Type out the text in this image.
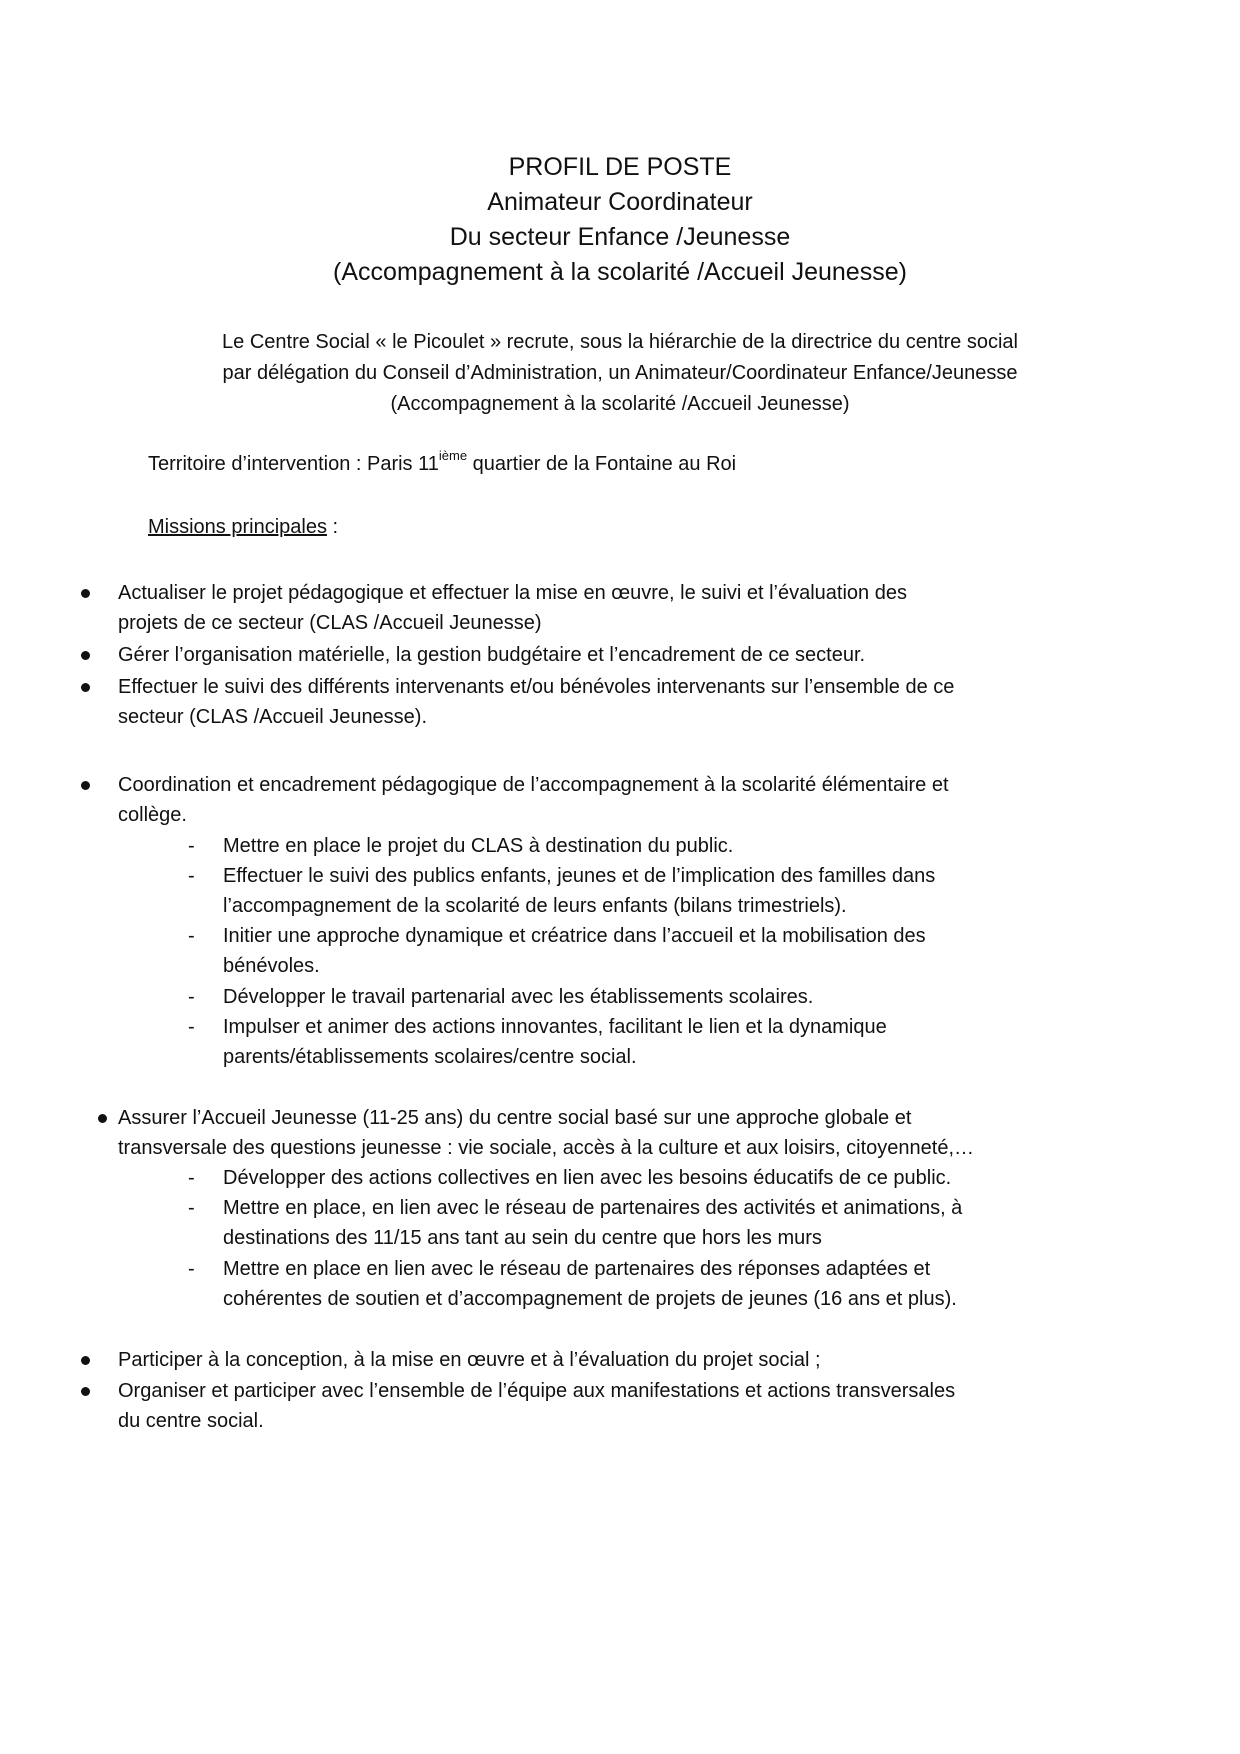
PROFIL DE POSTE
Animateur Coordinateur
Du secteur Enfance /Jeunesse
(Accompagnement à la scolarité /Accueil Jeunesse)
Le Centre Social « le Picoulet » recrute, sous la hiérarchie de la directrice du centre social
par délégation du Conseil d’Administration, un Animateur/Coordinateur Enfance/Jeunesse
(Accompagnement à la scolarité /Accueil Jeunesse)
Territoire d’intervention : Paris 11ième quartier de la Fontaine au Roi
Missions principales :
Actualiser le projet pédagogique et effectuer la mise en œuvre, le suivi et l’évaluation des
projets de ce secteur (CLAS /Accueil Jeunesse)
Gérer l’organisation matérielle, la gestion budgétaire et l’encadrement de ce secteur.
Effectuer le suivi des différents intervenants et/ou bénévoles intervenants sur l’ensemble de ce
secteur (CLAS /Accueil Jeunesse).
Coordination et encadrement pédagogique de l’accompagnement à la scolarité élémentaire et
collège.
- Mettre en place le projet du CLAS à destination du public.
- Effectuer le suivi des publics enfants, jeunes et de l’implication des familles dans
l’accompagnement de la scolarité de leurs enfants (bilans trimestriels).
- Initier une approche dynamique et créatrice dans l’accueil et la mobilisation des
bénévoles.
- Développer le travail partenarial avec les établissements scolaires.
- Impulser et animer des actions innovantes, facilitant le lien et la dynamique
parents/établissements scolaires/centre social.
Assurer l’Accueil Jeunesse (11-25 ans) du centre social basé sur une approche globale et
transversale des questions jeunesse : vie sociale, accès à la culture et aux loisirs, citoyenneté,…
- Développer des actions collectives en lien avec les besoins éducatifs de ce public.
- Mettre en place, en lien avec le réseau de partenaires des activités et animations, à
destinations des 11/15 ans tant au sein du centre que hors les murs
- Mettre en place en lien avec le réseau de partenaires des réponses adaptées et
cohérentes de soutien et d’accompagnement de projets de jeunes (16 ans et plus).
Participer à la conception, à la mise en œuvre et à l’évaluation du projet social ;
Organiser et participer avec l’ensemble de l’équipe aux manifestations et actions transversales
du centre social.
